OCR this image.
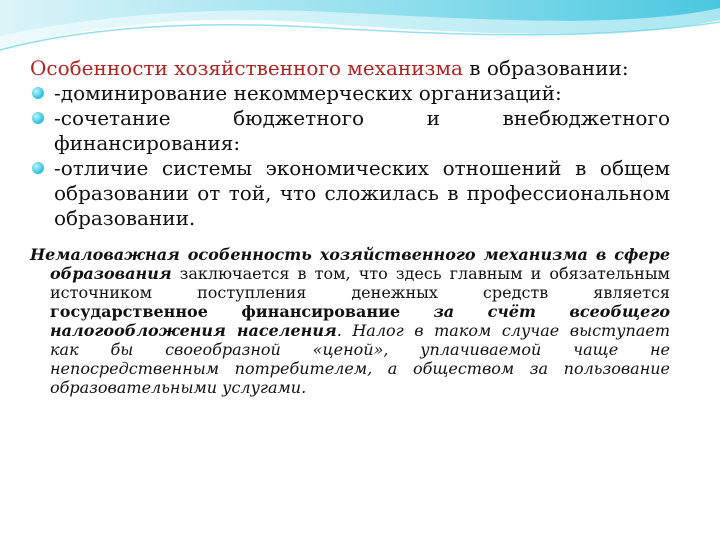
Особенности хозяйственного механизма в образовании:
-доминирование некоммерческих организаций:
-сочетание бюджетного и внебюджетного финансирования:
-отличие системы экономических отношений в общем образовании от той, что сложилась в профессиональном образовании.
Немаловажная особенность хозяйственного механизма в сфере образования заключается в том, что здесь главным и обязательным источником поступления денежных средств является государственное финансирование за счёт всеобщего налогообложения населения. Налог в таком случае выступает как бы своеобразной «ценой», уплачиваемой чаще не непосредственным потребителем, а обществом за пользование образовательными услугами.
